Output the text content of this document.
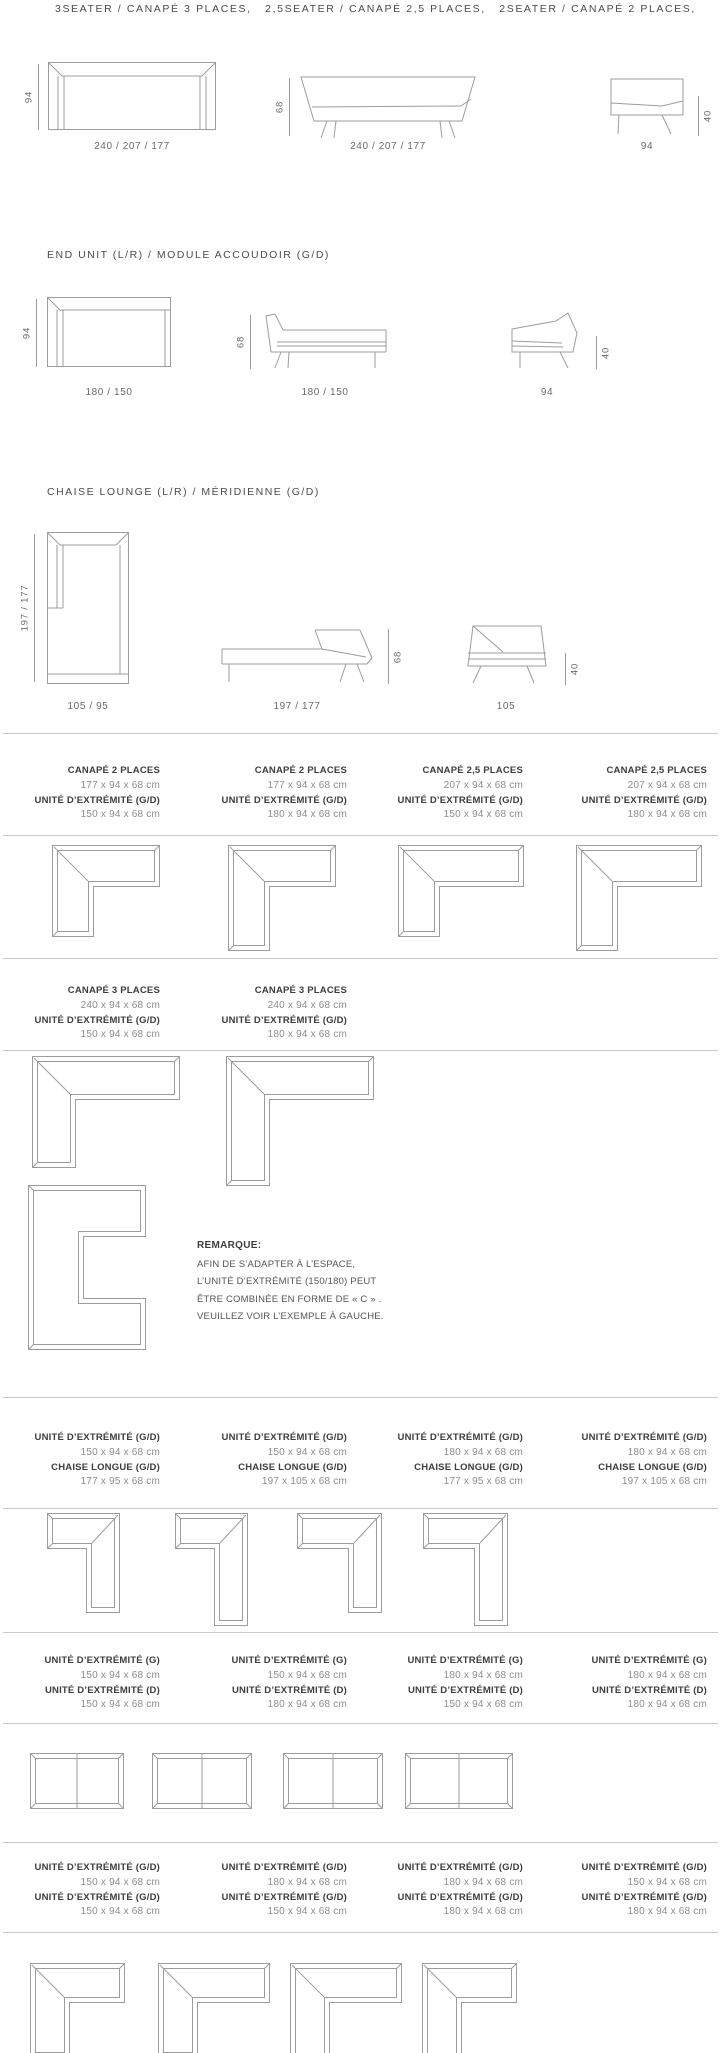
3SEATER / CANAPÉ 3 PLACES,   2,5SEATER / CANAPÉ 2,5 PLACES,   2SEATER / CANAPÉ 2 PLACES,
94
68
40
240 / 207 / 177	240 / 207 / 177	94
END UNIT (L/R) / MODULE ACCOUDOIR (G/D)
94
68
40
180 / 150	180 / 150	94
CHAISE LOUNGE (L/R) / MÉRIDIENNE (G/D)
197 / 177
68
40
105 / 95	197 / 177	105
CANAPÉ 2 PLACES
177 x 94 x 68 cm
UNITÉ D’EXTRÉMITÉ (G/D)
150 x 94 x 68 cm
CANAPÉ 2 PLACES
177 x 94 x 68 cm
UNITÉ D’EXTRÉMITÉ (G/D)
180 x 94 x 68 cm
CANAPÉ 2,5 PLACES
207 x 94 x 68 cm
UNITÉ D’EXTRÉMITÉ (G/D)
150 x 94 x 68 cm
CANAPÉ 2,5 PLACES
207 x 94 x 68 cm
UNITÉ D’EXTRÉMITÉ (G/D)
180 x 94 x 68 cm
CANAPÉ 3 PLACES
240 x 94 x 68 cm
UNITÉ D’EXTRÉMITÉ (G/D)
150 x 94 x 68 cm
CANAPÉ 3 PLACES
240 x 94 x 68 cm
UNITÉ D’EXTRÉMITÉ (G/D)
180 x 94 x 68 cm
REMARQUE:
AFIN DE S’ADAPTER À L’ESPACE,
L’UNITÉ D’EXTRÉMITÉ (150/180) PEUT
ÊTRE COMBINÉE EN FORME DE « C » .
VEUILLEZ VOIR L’EXEMPLE À GAUCHE.
UNITÉ D’EXTRÉMITÉ (G/D)
150 x 94 x 68 cm
CHAISE LONGUE (G/D)
177 x 95 x 68 cm
UNITÉ D’EXTRÉMITÉ (G/D)
150 x 94 x 68 cm
CHAISE LONGUE (G/D)
197 x 105 x 68 cm
UNITÉ D’EXTRÉMITÉ (G/D)
180 x 94 x 68 cm
CHAISE LONGUE (G/D)
177 x 95 x 68 cm
UNITÉ D’EXTRÉMITÉ (G/D)
180 x 94 x 68 cm
CHAISE LONGUE (G/D)
197 x 105 x 68 cm
UNITÉ D’EXTRÉMITÉ (G)
150 x 94 x 68 cm
UNITÉ D’EXTRÉMITÉ (D)
150 x 94 x 68 cm
UNITÉ D’EXTRÉMITÉ (G)
150 x 94 x 68 cm
UNITÉ D’EXTRÉMITÉ (D)
180 x 94 x 68 cm
UNITÉ D’EXTRÉMITÉ (G)
180 x 94 x 68 cm
UNITÉ D’EXTRÉMITÉ (D)
150 x 94 x 68 cm
UNITÉ D’EXTRÉMITÉ (G)
180 x 94 x 68 cm
UNITÉ D’EXTRÉMITÉ (D)
180 x 94 x 68 cm
UNITÉ D’EXTRÉMITÉ (G/D)
150 x 94 x 68 cm
UNITÉ D’EXTRÉMITÉ (G/D)
150 x 94 x 68 cm
UNITÉ D’EXTRÉMITÉ (G/D)
180 x 94 x 68 cm
UNITÉ D’EXTRÉMITÉ (G/D)
150 x 94 x 68 cm
UNITÉ D’EXTRÉMITÉ (G/D)
180 x 94 x 68 cm
UNITÉ D’EXTRÉMITÉ (G/D)
180 x 94 x 68 cm
UNITÉ D’EXTRÉMITÉ (G/D)
150 x 94 x 68 cm
UNITÉ D’EXTRÉMITÉ (G/D)
180 x 94 x 68 cm
